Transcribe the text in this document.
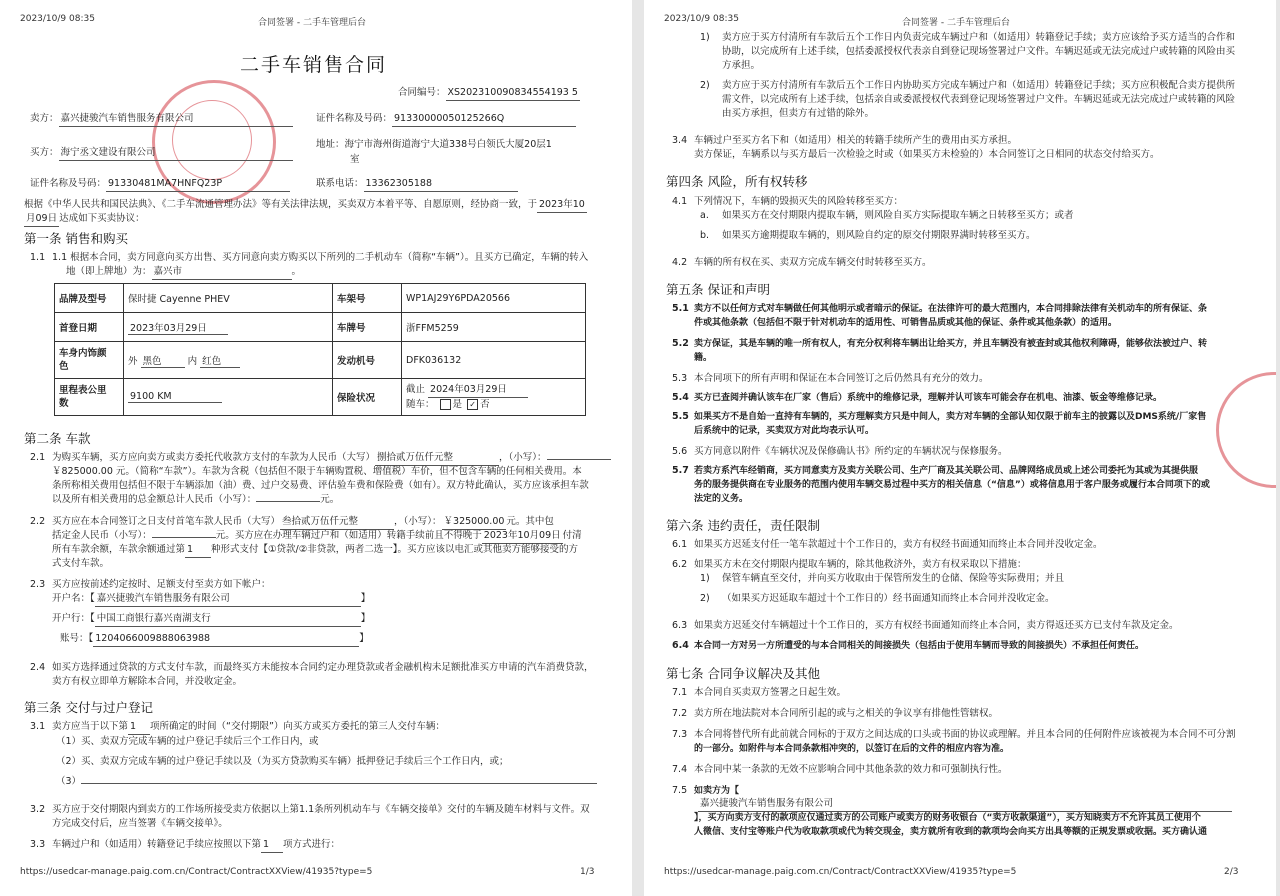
2023/10/9 08:35	合同签署 - 二手车管理后台
二手车销售合同
合同编号： XS202310090834554193 5
卖方： 嘉兴捷骏汽车销售服务有限公司	证件名称及号码： 91330000050125266Q
买方： 海宁丞文建设有限公司
地址：海宁市海州街道海宁大道338号白领氏大厦20层1
室
证件名称及号码： 91330481MA7HNFQ23P	联系电话： 13362305188
根据《中华人民共和国民法典》、《二手车流通管理办法》等有关法律法规，买卖双方本着平等、自愿原则，经协商一致，于 2023年10
月09日 达成如下买卖协议：
第一条 销售和购买
1.1 1.1 根据本合同，卖方同意向买方出售、买方同意向卖方购买以下所列的二手机动车（简称“车辆”）。且买方已确定，车辆的转入
地（即上牌地）为： 嘉兴市	。
品牌及型号	保时捷 Cayenne PHEV	车架号	WP1AJ29Y6PDA20566
首登日期	2023年03月29日	车牌号	浙FFM5259
车身内饰颜
色	外 黑色 内 红色	发动机号	DFK036132
里程表公里
数	9100 KM	保险状况	截止 2024年03月29日
随车： 是 ✓ 否
第二条 车款
2.1 为购买车辆，买方应向卖方或卖方委托代收款方支付的车款为人民币（大写） 捌拾贰万伍仟元整	，（小写）：
￥825000.00 元。（简称“车款”）。车款为含税（包括但不限于车辆购置税、增值税）车价，但不包含车辆的任何相关费用。本
条所称相关费用包括但不限于车辆添加（油）费、过户交易费、评估验车费和保险费（如有）。双方特此确认，买方应该承担车款
以及所有相关费用的总金额总计人民币（小写）：	元。
2.2 买方应在本合同签订之日支付首笔车款人民币（大写） 叁拾贰万伍仟元整	，（小写）： ￥325000.00 元。其中包
括定金人民币（小写）：	元。买方应在办理车辆过户和（如适用）转籍手续前且不得晚于 2023年10月09日 付清
所有车款余额，车款余额通过第 1 种形式支付【①贷款/②非贷款，两者二选一】。买方应该以电汇或其他卖方能够接受的方
式支付车款。
2.3 买方应按前述约定按时、足额支付至卖方如下帐户：
开户名：【 嘉兴捷骏汽车销售服务有限公司	】
开户行：【 中国工商银行嘉兴南湖支行	】
账号：【 1204066009888063988	】
2.4 如买方选择通过贷款的方式支付车款，而最终买方未能按本合同约定办理贷款或者金融机构未足额批准买方申请的汽车消费贷款，
卖方有权立即单方解除本合同，并没收定金。
第三条 交付与过户登记
3.1 卖方应当于以下第 1 项所确定的时间（“交付期限”）向买方或买方委托的第三人交付车辆：
（1）买、卖双方完成车辆的过户登记手续后三个工作日内，或
（2）买、卖双方完成车辆的过户登记手续以及（为买方贷款购买车辆）抵押登记手续后三个工作日内，或；
（3）
3.2 买方应于交付期限内到卖方的工作场所接受卖方依据以上第1.1条所列机动车与《车辆交接单》交付的车辆及随车材料与文件。双
方完成交付后，应当签署《车辆交接单》。
3.3 车辆过户和（如适用）转籍登记手续应按照以下第 1 项方式进行：
https://usedcar-manage.paig.com.cn/Contract/ContractXXView/41935?type=5	1/3
2023/10/9 08:35	合同签署 - 二手车管理后台
1) 卖方应于买方付清所有车款后五个工作日内负责完成车辆过户和（如适用）转籍登记手续；卖方应该给予买方适当的合作和
协助，以完成所有上述手续，包括委派授权代表亲自到登记现场签署过户文件。车辆迟延或无法完成过户或转籍的风险由买
方承担。
2) 卖方应于买方付清所有车款后五个工作日内协助买方完成车辆过户和（如适用）转籍登记手续；买方应积极配合卖方提供所
需文件，以完成所有上述手续，包括亲自或委派授权代表到登记现场签署过户文件。车辆迟延或无法完成过户或转籍的风险
由买方承担，但卖方有过错的除外。
3.4 车辆过户至买方名下和（如适用）相关的转籍手续所产生的费用由买方承担。
卖方保证，车辆系以与买方最后一次检验之时或（如果买方未检验的）本合同签订之日相同的状态交付给买方。
第四条 风险，所有权转移
4.1 下列情况下，车辆的毁损灭失的风险转移至买方：
a. 如果买方在交付期限内提取车辆，则风险自买方实际提取车辆之日转移至买方；或者
b. 如果买方逾期提取车辆的，则风险自约定的原交付期限界满时转移至买方。
4.2 车辆的所有权在买、卖双方完成车辆交付时转移至买方。
第五条 保证和声明
5.1 卖方不以任何方式对车辆做任何其他明示或者暗示的保证。在法律许可的最大范围内，本合同排除法律有关机动车的所有保证、条
件或其他条款（包括但不限于针对机动车的适用性、可销售品质或其他的保证、条件或其他条款）的适用。
5.2 卖方保证，其是车辆的唯一所有权人，有充分权利将车辆出让给买方，并且车辆没有被查封或其他权利障碍，能够依法被过户、转
籍。
5.3 本合同项下的所有声明和保证在本合同签订之后仍然具有充分的效力。
5.4 买方已查阅并确认该车在厂家（售后）系统中的维修记录，理解并认可该车可能会存在机电、油漆、钣金等维修记录。
5.5 如果买方不是自始一直持有车辆的，买方理解卖方只是中间人，卖方对车辆的全部认知仅限于前车主的披露以及DMS系统/厂家售
后系统中的记录，买卖双方对此均表示认可。
5.6 买方同意以附件《车辆状况及保修确认书》所约定的车辆状况与保修服务。
5.7 若卖方系汽车经销商，买方同意卖方及卖方关联公司、生产厂商及其关联公司、品牌网络成员或上述公司委托为其或为其提供服
务的服务提供商在专业服务的范围内使用车辆交易过程中买方的相关信息（“信息”）或将信息用于客户服务或履行本合同项下的或
法定的义务。
第六条 违约责任，责任限制
6.1 如果买方迟延支付任一笔车款超过十个工作日的，卖方有权经书面通知而终止本合同并没收定金。
6.2 如果买方未在交付期限内提取车辆的，除其他救济外，卖方有权采取以下措施：
1) 保管车辆直至交付，并向买方收取由于保管所发生的仓储、保险等实际费用；并且
2) （如果买方迟延取车超过十个工作日的）经书面通知而终止本合同并没收定金。
6.3 如果卖方迟延交付车辆超过十个工作日的，买方有权经书面通知而终止本合同，卖方得返还买方已支付车款及定金。
6.4 本合同一方对另一方所遭受的与本合同相关的间接损失（包括由于使用车辆而导致的间接损失）不承担任何责任。
第七条 合同争议解决及其他
7.1 本合同自买卖双方签署之日起生效。
7.2 卖方所在地法院对本合同所引起的或与之相关的争议享有排他性管辖权。
7.3 本合同将替代所有此前就合同标的于双方之间达成的口头或书面的协议或理解。并且本合同的任何附件应该被视为本合同不可分割
的一部分。如附件与本合同条款相冲突的，以签订在后的文件的相应内容为准。
7.4 本合同中某一条款的无效不应影响合同中其他条款的效力和可强制执行性。
7.5 如卖方为【
嘉兴捷骏汽车销售服务有限公司
】，买方向卖方支付的款项应仅通过卖方的公司账户或卖方的财务收银台（“卖方收款渠道”），买方知晓卖方不允许其员工使用个
人微信、支付宝等账户代为收取款项或代为转交现金，卖方就所有收到的款项均会向买方出具等额的正规发票或收据。买方确认通
https://usedcar-manage.paig.com.cn/Contract/ContractXXView/41935?type=5	2/3
